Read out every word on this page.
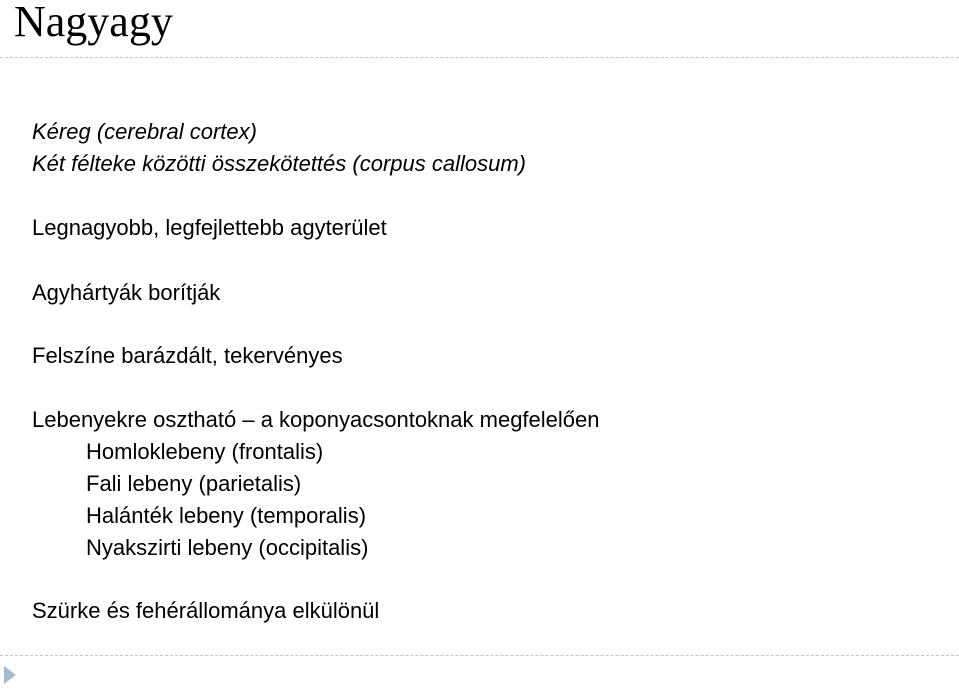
Nagyagy
Kéreg (cerebral cortex)
Két félteke közötti összekötettés (corpus callosum)
Legnagyobb, legfejlettebb agyterület
Agyhártyák borítják
Felszíne barázdált, tekervényes
Lebenyekre osztható – a koponyacsontoknak megfelelően
Homloklebeny (frontalis)
Fali lebeny (parietalis)
Halánték lebeny (temporalis)
Nyakszirti lebeny (occipitalis)
Szürke és fehérállománya elkülönül
